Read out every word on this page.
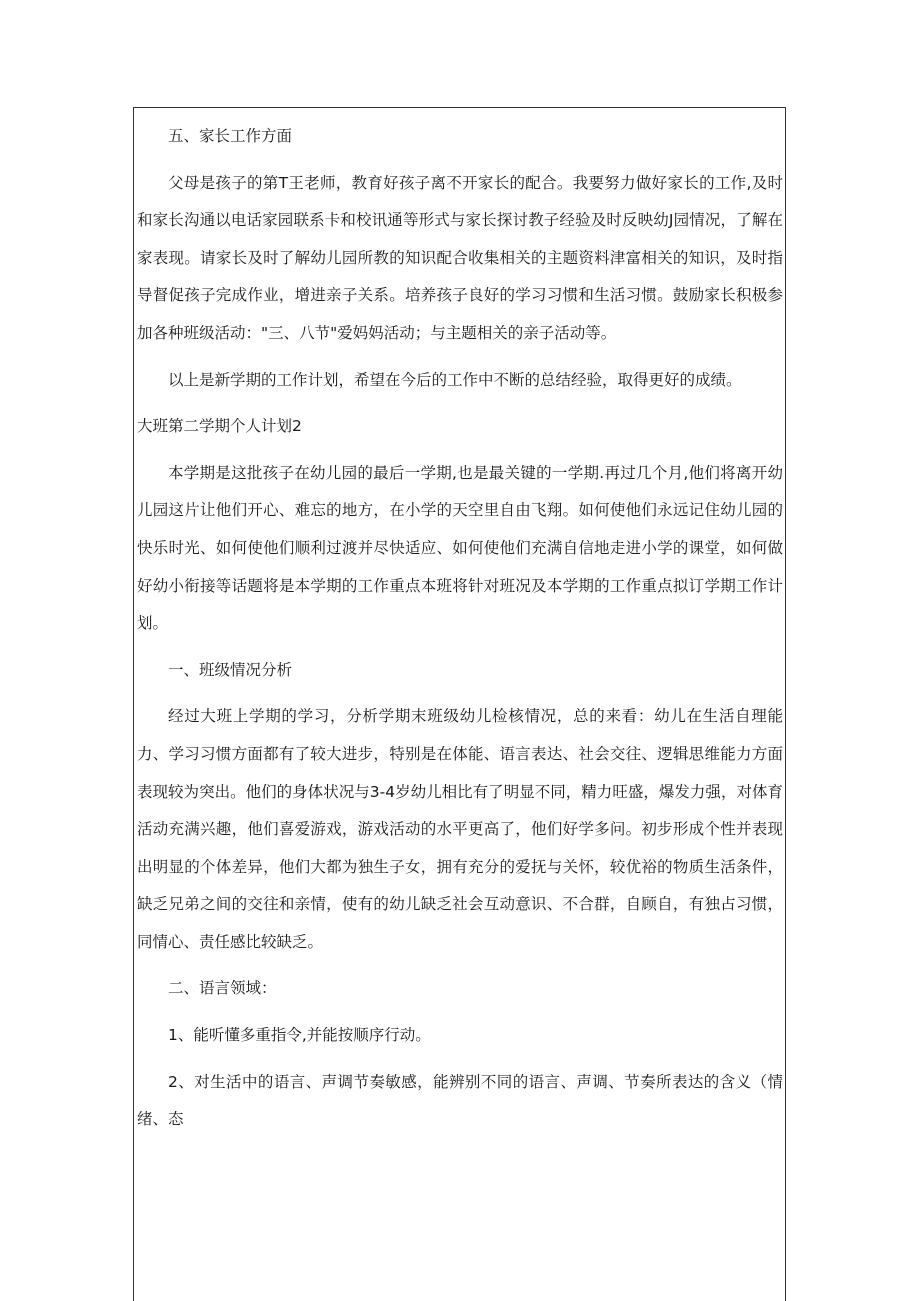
五、家长工作方面

父母是孩子的第T王老师，教育好孩子离不开家长的配合。我要努力做好家长的工作,及时和家长沟通以电话家园联系卡和校讯通等形式与家长探讨教子经验及时反映幼J园情况，了解在家表现。请家长及时了解幼儿园所教的知识配合收集相关的主题资料津富相关的知识，及时指导督促孩子完成作业，增进亲子关系。培养孩子良好的学习习惯和生活习惯。鼓励家长积极参加各种班级活动："三、八节"爱妈妈活动；与主题相关的亲子活动等。

以上是新学期的工作计划，希望在今后的工作中不断的总结经验，取得更好的成绩。

大班第二学期个人计划2

本学期是这批孩子在幼儿园的最后一学期,也是最关键的一学期.再过几个月,他们将离开幼儿园这片让他们开心、难忘的地方，在小学的天空里自由飞翔。如何使他们永远记住幼儿园的快乐时光、如何使他们顺利过渡并尽快适应、如何使他们充满自信地走进小学的课堂，如何做好幼小衔接等话题将是本学期的工作重点本班将针对班况及本学期的工作重点拟订学期工作计划。

一、班级情况分析

经过大班上学期的学习，分析学期末班级幼儿检核情况，总的来看：幼儿在生活自理能力、学习习惯方面都有了较大进步，特别是在体能、语言表达、社会交往、逻辑思维能力方面表现较为突出。他们的身体状况与3-4岁幼儿相比有了明显不同，精力旺盛，爆发力强，对体育活动充满兴趣，他们喜爱游戏，游戏活动的水平更高了，他们好学多问。初步形成个性并表现出明显的个体差异，他们大都为独生子女，拥有充分的爱抚与关怀，较优裕的物质生活条件，缺乏兄弟之间的交往和亲情，使有的幼儿缺乏社会互动意识、不合群，自顾自，有独占习惯，同情心、责任感比较缺乏。

二、语言领域：

1、能听懂多重指令,并能按顺序行动。

2、对生活中的语言、声调节奏敏感，能辨别不同的语言、声调、节奏所表达的含义（情绪、态
